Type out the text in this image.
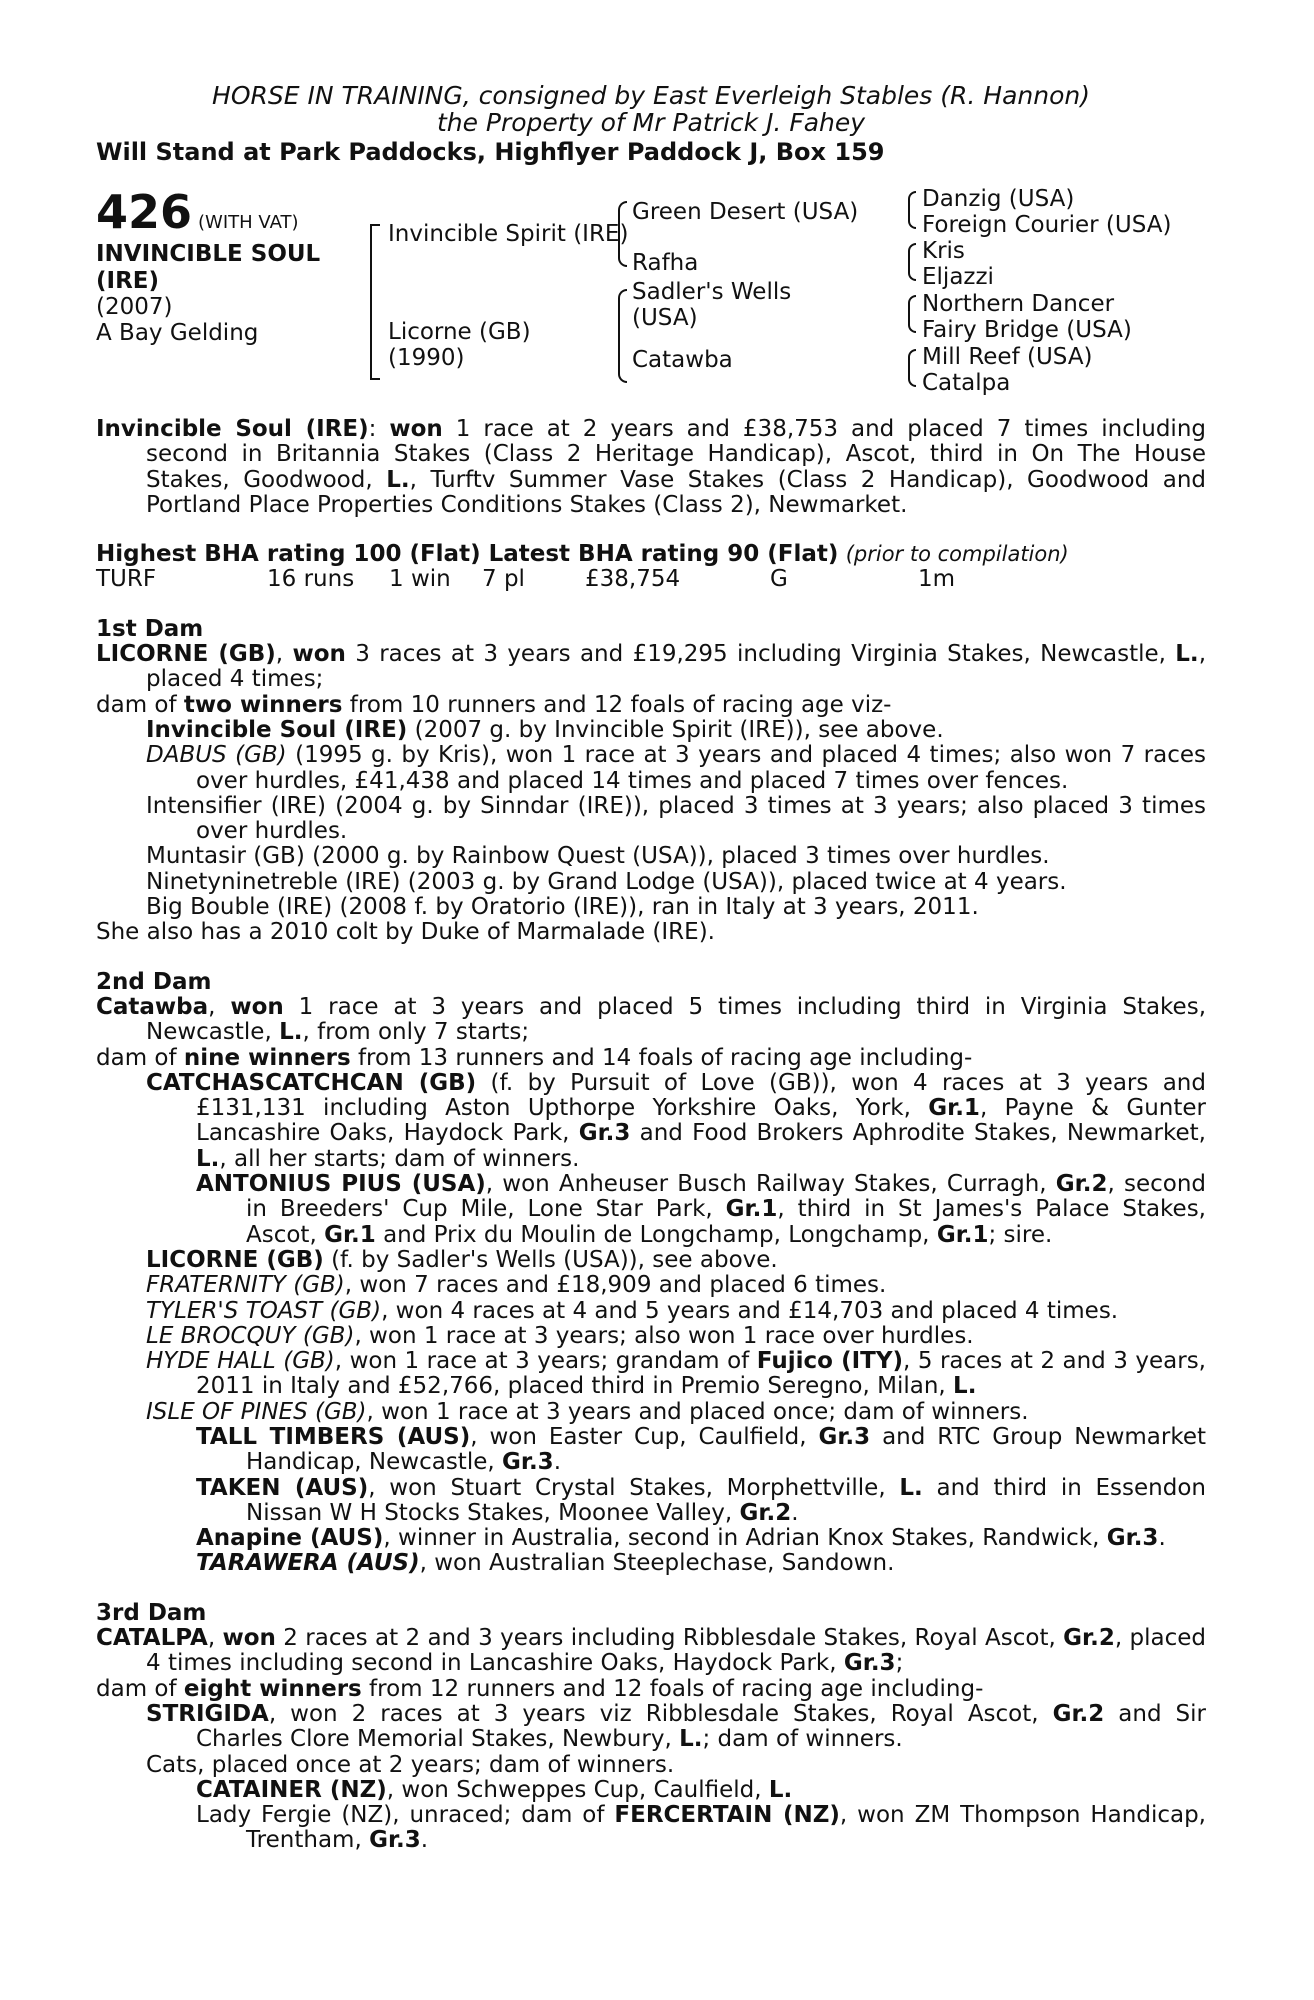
HORSE IN TRAINING, consigned by East Everleigh Stables (R. Hannon)
the Property of Mr Patrick J. Fahey
Will Stand at Park Paddocks, Highflyer Paddock J, Box 159
426 (WITH VAT)
INVINCIBLE SOUL
(IRE)
(2007)
A Bay Gelding
Invincible Spirit (IRE)
Licorne (GB)
(1990)
Green Desert (USA)
Rafha
Sadler's Wells
(USA)
Catawba
Danzig (USA)
Foreign Courier (USA)
Kris
Eljazzi
Northern Dancer
Fairy Bridge (USA)
Mill Reef (USA)
Catalpa

Invincible Soul (IRE): won 1 race at 2 years and £38,753 and placed 7 times including second in Britannia Stakes (Class 2 Heritage Handicap), Ascot, third in On The House Stakes, Goodwood, L., Turftv Summer Vase Stakes (Class 2 Handicap), Goodwood and Portland Place Properties Conditions Stakes (Class 2), Newmarket.

Highest BHA rating 100 (Flat) Latest BHA rating 90 (Flat) (prior to compilation)

TURF	16 runs	1 win	7 pl	£38,754	G	1m

1st Dam

LICORNE (GB), won 3 races at 3 years and £19,295 including Virginia Stakes, Newcastle, L., placed 4 times;

dam of two winners from 10 runners and 12 foals of racing age viz-

Invincible Soul (IRE) (2007 g. by Invincible Spirit (IRE)), see above.

DABUS (GB) (1995 g. by Kris), won 1 race at 3 years and placed 4 times; also won 7 races over hurdles, £41,438 and placed 14 times and placed 7 times over fences.

Intensifier (IRE) (2004 g. by Sinndar (IRE)), placed 3 times at 3 years; also placed 3 times over hurdles.

Muntasir (GB) (2000 g. by Rainbow Quest (USA)), placed 3 times over hurdles.

Ninetyninetreble (IRE) (2003 g. by Grand Lodge (USA)), placed twice at 4 years.

Big Bouble (IRE) (2008 f. by Oratorio (IRE)), ran in Italy at 3 years, 2011.

She also has a 2010 colt by Duke of Marmalade (IRE).

2nd Dam

Catawba, won 1 race at 3 years and placed 5 times including third in Virginia Stakes, Newcastle, L., from only 7 starts;

dam of nine winners from 13 runners and 14 foals of racing age including-

CATCHASCATCHCAN (GB) (f. by Pursuit of Love (GB)), won 4 races at 3 years and £131,131 including Aston Upthorpe Yorkshire Oaks, York, Gr.1, Payne & Gunter Lancashire Oaks, Haydock Park, Gr.3 and Food Brokers Aphrodite Stakes, Newmarket, L., all her starts; dam of winners.

ANTONIUS PIUS (USA), won Anheuser Busch Railway Stakes, Curragh, Gr.2, second in Breeders' Cup Mile, Lone Star Park, Gr.1, third in St James's Palace Stakes, Ascot, Gr.1 and Prix du Moulin de Longchamp, Longchamp, Gr.1; sire.

LICORNE (GB) (f. by Sadler's Wells (USA)), see above.

FRATERNITY (GB), won 7 races and £18,909 and placed 6 times.

TYLER'S TOAST (GB), won 4 races at 4 and 5 years and £14,703 and placed 4 times.

LE BROCQUY (GB), won 1 race at 3 years; also won 1 race over hurdles.

HYDE HALL (GB), won 1 race at 3 years; grandam of Fujico (ITY), 5 races at 2 and 3 years, 2011 in Italy and £52,766, placed third in Premio Seregno, Milan, L.

ISLE OF PINES (GB), won 1 race at 3 years and placed once; dam of winners.

TALL TIMBERS (AUS), won Easter Cup, Caulfield, Gr.3 and RTC Group Newmarket Handicap, Newcastle, Gr.3.

TAKEN (AUS), won Stuart Crystal Stakes, Morphettville, L. and third in Essendon Nissan W H Stocks Stakes, Moonee Valley, Gr.2.

Anapine (AUS), winner in Australia, second in Adrian Knox Stakes, Randwick, Gr.3.

TARAWERA (AUS), won Australian Steeplechase, Sandown.

3rd Dam

CATALPA, won 2 races at 2 and 3 years including Ribblesdale Stakes, Royal Ascot, Gr.2, placed 4 times including second in Lancashire Oaks, Haydock Park, Gr.3;

dam of eight winners from 12 runners and 12 foals of racing age including-

STRIGIDA, won 2 races at 3 years viz Ribblesdale Stakes, Royal Ascot, Gr.2 and Sir Charles Clore Memorial Stakes, Newbury, L.; dam of winners.

Cats, placed once at 2 years; dam of winners.

CATAINER (NZ), won Schweppes Cup, Caulfield, L.

Lady Fergie (NZ), unraced; dam of FERCERTAIN (NZ), won ZM Thompson Handicap, Trentham, Gr.3.
